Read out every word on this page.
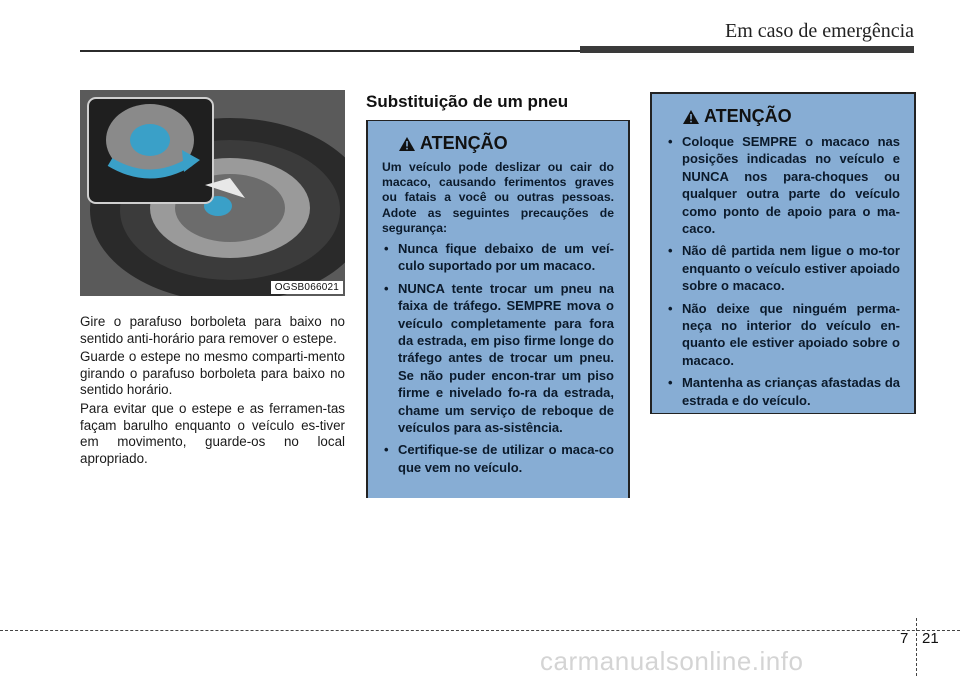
Em caso de emergência
OGSB066021

Gire o parafuso borboleta para baixo no sentido anti-horário para remover o estepe.

Guarde o estepe no mesmo comparti-mento girando o parafuso borboleta para baixo no sentido horário.

Para evitar que o estepe e as ferramen-tas façam barulho enquanto o veículo es-tiver em movimento, guarde-os no local apropriado.

Substituição de um pneu
ATENÇÃO
Um veículo pode deslizar ou cair do macaco, causando ferimentos graves ou fatais a você ou outras pessoas. Adote as seguintes precauções de segurança:
• Nunca fique debaixo de um veí-culo suportado por um macaco.
• NUNCA tente trocar um pneu na faixa de tráfego. SEMPRE mova o veículo completamente para fora da estrada, em piso firme longe do tráfego antes de trocar um pneu. Se não puder encon-trar um piso firme e nivelado fo-ra da estrada, chame um serviço de reboque de veículos para as-sistência.
• Certifique-se de utilizar o maca-co que vem no veículo.
ATENÇÃO
• Coloque SEMPRE o macaco nas posições indicadas no veículo e NUNCA nos para-choques ou qualquer outra parte do veículo como ponto de apoio para o ma-caco.
• Não dê partida nem ligue o mo-tor enquanto o veículo estiver apoiado sobre o macaco.
• Não deixe que ninguém perma-neça no interior do veículo en-quanto ele estiver apoiado sobre o macaco.
• Mantenha as crianças afastadas da estrada e do veículo.
7 21
carmanualsonline.info
